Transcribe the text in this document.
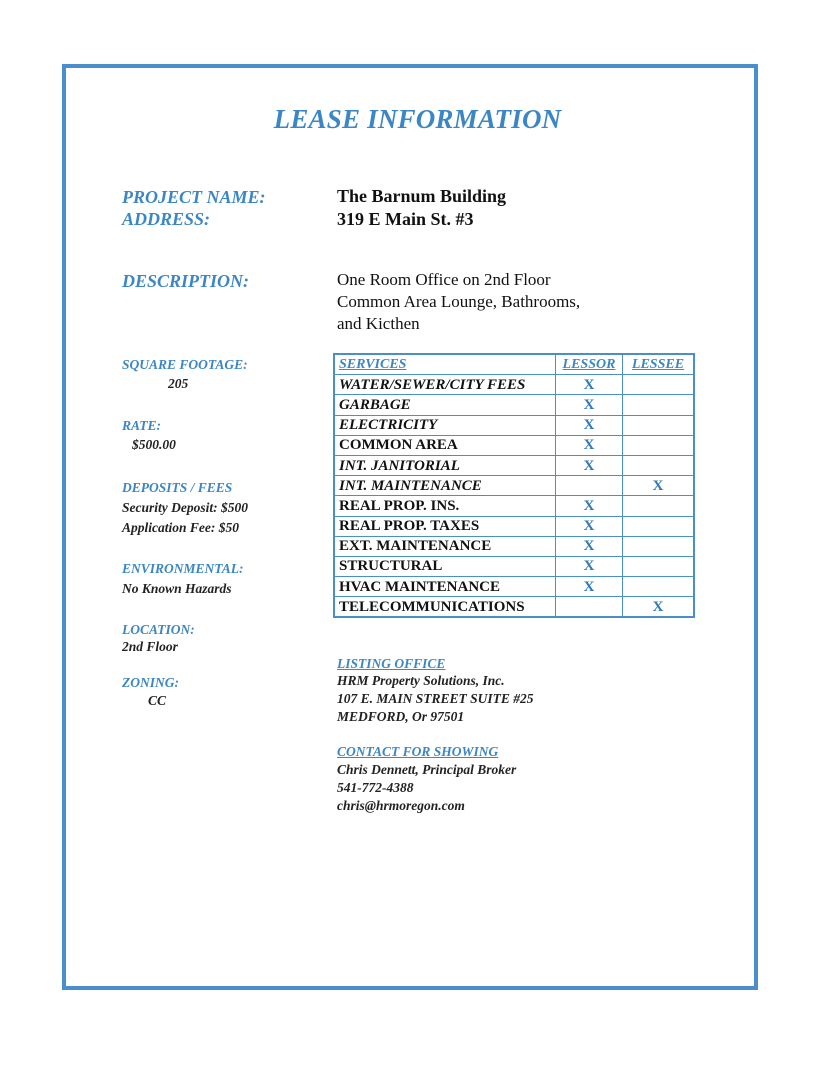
LEASE INFORMATION
PROJECT NAME:	The Barnum Building
ADDRESS:	319 E Main St. #3
DESCRIPTION:	One Room Office on 2nd Floor
Common Area Lounge, Bathrooms,
and Kicthen
SQUARE FOOTAGE:
205
RATE:
$500.00
DEPOSITS / FEES
Security Deposit: $500
Application Fee: $50
ENVIRONMENTAL:
No Known Hazards
LOCATION:
2nd Floor
ZONING:
CC
SERVICES	LESSOR	LESSEE
WATER/SEWER/CITY FEES	X	
GARBAGE	X	
ELECTRICITY	X	
COMMON AREA	X	
INT. JANITORIAL	X	
INT. MAINTENANCE		X
REAL PROP. INS.	X	
REAL PROP. TAXES	X	
EXT. MAINTENANCE	X	
STRUCTURAL	X	
HVAC MAINTENANCE	X	
TELECOMMUNICATIONS		X
LISTING OFFICE
HRM Property Solutions, Inc.
107 E. MAIN STREET SUITE #25
MEDFORD, Or 97501
CONTACT FOR SHOWING
Chris Dennett, Principal Broker
541-772-4388
chris@hrmoregon.com
